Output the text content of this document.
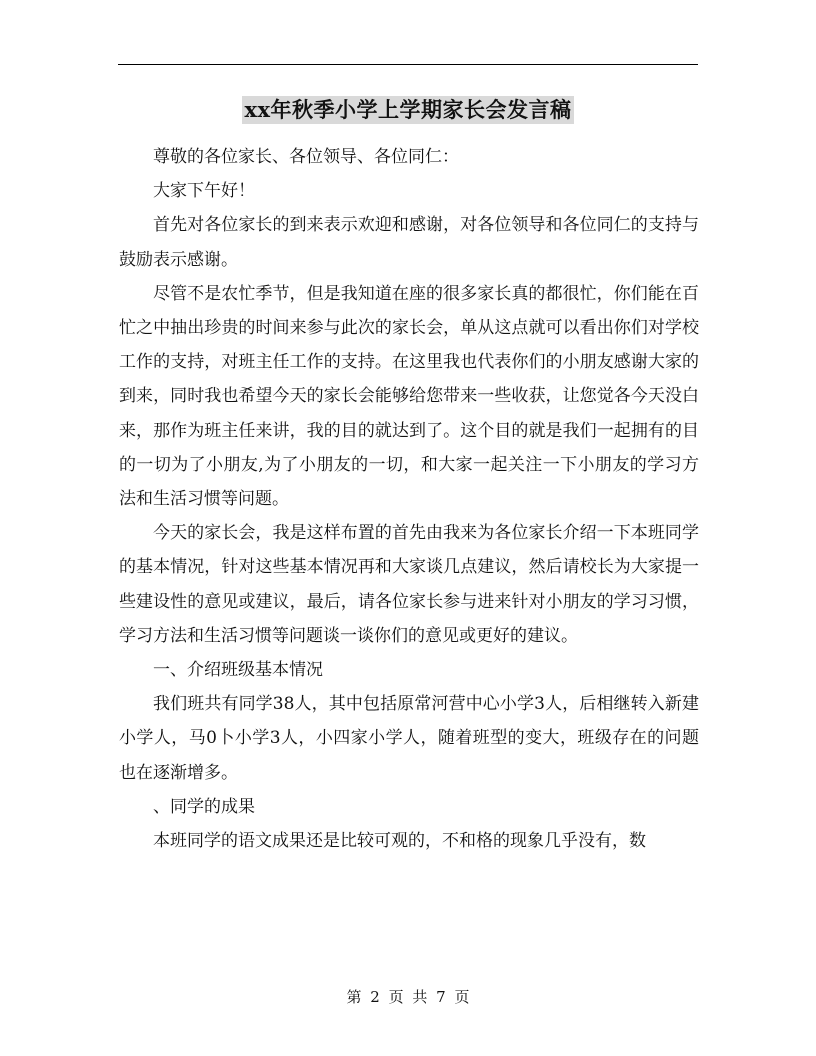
xx年秋季小学上学期家长会发言稿

尊敬的各位家长、各位领导、各位同仁：

大家下午好！

首先对各位家长的到来表示欢迎和感谢，对各位领导和各位同仁的支持与鼓励表示感谢。

尽管不是农忙季节，但是我知道在座的很多家长真的都很忙，你们能在百忙之中抽出珍贵的时间来参与此次的家长会，单从这点就可以看出你们对学校工作的支持，对班主任工作的支持。在这里我也代表你们的小朋友感谢大家的到来，同时我也希望今天的家长会能够给您带来一些收获，让您觉各今天没白来，那作为班主任来讲，我的目的就达到了。这个目的就是我们一起拥有的目的一切为了小朋友,为了小朋友的一切，和大家一起关注一下小朋友的学习方法和生活习惯等问题。

今天的家长会，我是这样布置的首先由我来为各位家长介绍一下本班同学的基本情况，针对这些基本情况再和大家谈几点建议，然后请校长为大家提一些建设性的意见或建议，最后，请各位家长参与进来针对小朋友的学习习惯，学习方法和生活习惯等问题谈一谈你们的意见或更好的建议。

一、介绍班级基本情况

我们班共有同学38人，其中包括原常河营中心小学3人，后相继转入新建小学人，马0卜小学3人，小四家小学人，随着班型的变大，班级存在的问题也在逐渐增多。

、同学的成果

本班同学的语文成果还是比较可观的，不和格的现象几乎没有，数

第 2 页 共 7 页
